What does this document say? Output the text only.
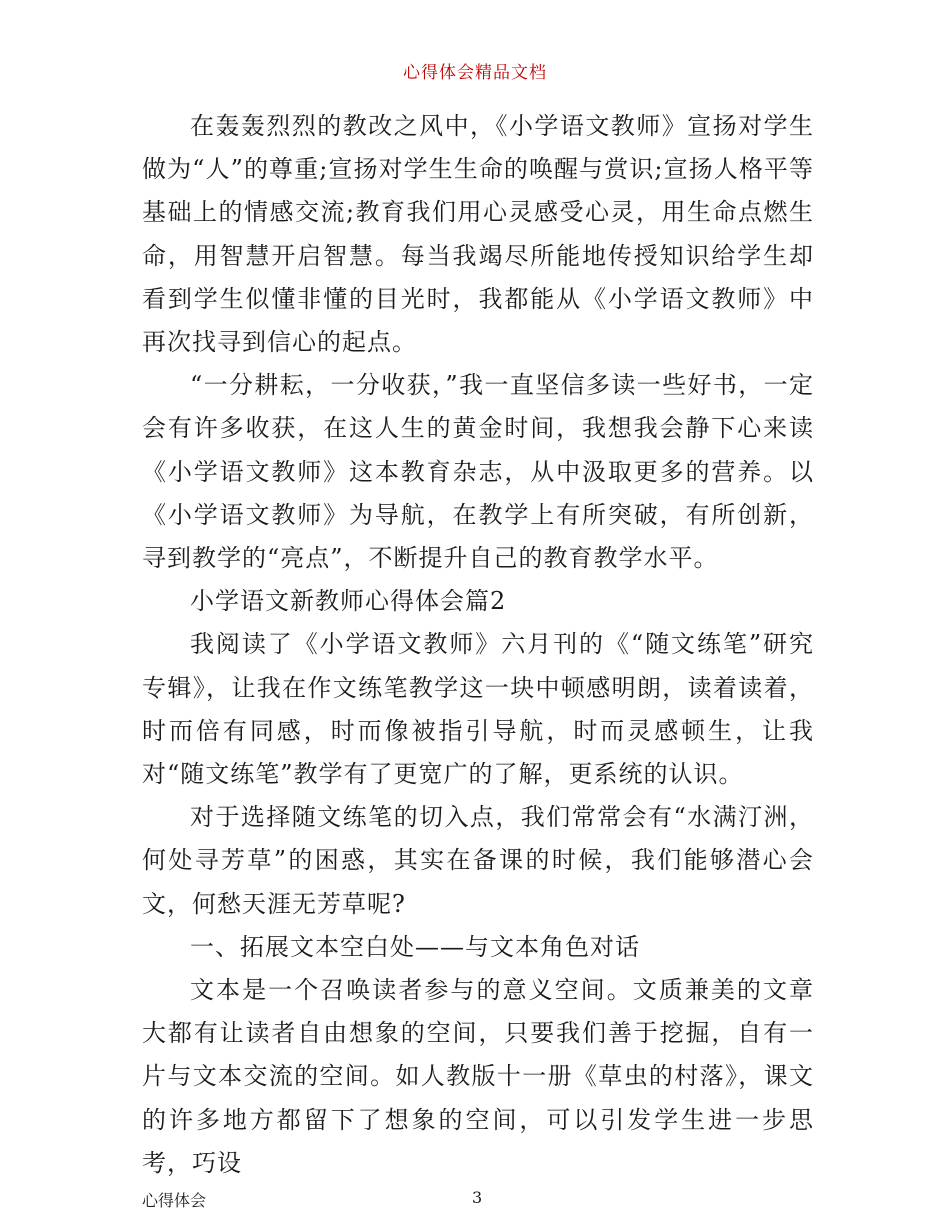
心得体会精品文档

在轰轰烈烈的教改之风中，《小学语文教师》宣扬对学生做为“人”的尊重;宣扬对学生生命的唤醒与赏识;宣扬人格平等基础上的情感交流;教育我们用心灵感受心灵，用生命点燃生命，用智慧开启智慧。每当我竭尽所能地传授知识给学生却看到学生似懂非懂的目光时，我都能从《小学语文教师》中再次找寻到信心的起点。

“一分耕耘，一分收获，”我一直坚信多读一些好书，一定会有许多收获，在这人生的黄金时间，我想我会静下心来读《小学语文教师》这本教育杂志，从中汲取更多的营养。以《小学语文教师》为导航，在教学上有所突破，有所创新，寻到教学的“亮点”，不断提升自己的教育教学水平。

小学语文新教师心得体会篇2

我阅读了《小学语文教师》六月刊的《“随文练笔”研究专辑》，让我在作文练笔教学这一块中顿感明朗，读着读着，时而倍有同感，时而像被指引导航，时而灵感顿生，让我对“随文练笔”教学有了更宽广的了解，更系统的认识。

对于选择随文练笔的切入点，我们常常会有“水满汀洲，何处寻芳草”的困惑，其实在备课的时候，我们能够潜心会文，何愁天涯无芳草呢?

一、拓展文本空白处——与文本角色对话

文本是一个召唤读者参与的意义空间。文质兼美的文章大都有让读者自由想象的空间，只要我们善于挖掘，自有一片与文本交流的空间。如人教版十一册《草虫的村落》，课文的许多地方都留下了想象的空间，可以引发学生进一步思考，巧设

心得体会	3
